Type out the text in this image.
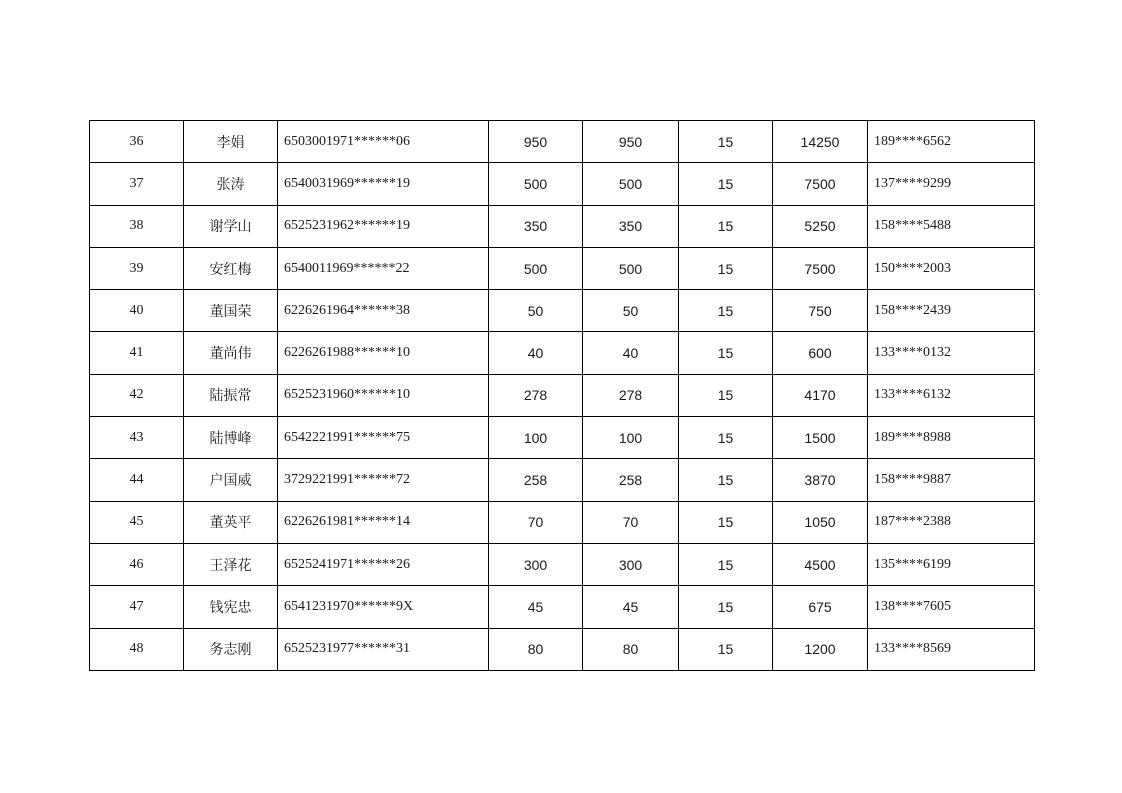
36	李娟	6503001971******06	950	950	15	14250	189****6562
37	张涛	6540031969******19	500	500	15	7500	137****9299
38	谢学山	6525231962******19	350	350	15	5250	158****5488
39	安红梅	6540011969******22	500	500	15	7500	150****2003
40	董国荣	6226261964******38	50	50	15	750	158****2439
41	董尚伟	6226261988******10	40	40	15	600	133****0132
42	陆振常	6525231960******10	278	278	15	4170	133****6132
43	陆博峰	6542221991******75	100	100	15	1500	189****8988
44	户国威	3729221991******72	258	258	15	3870	158****9887
45	董英平	6226261981******14	70	70	15	1050	187****2388
46	王泽花	6525241971******26	300	300	15	4500	135****6199
47	钱宪忠	6541231970******9X	45	45	15	675	138****7605
48	务志刚	6525231977******31	80	80	15	1200	133****8569
